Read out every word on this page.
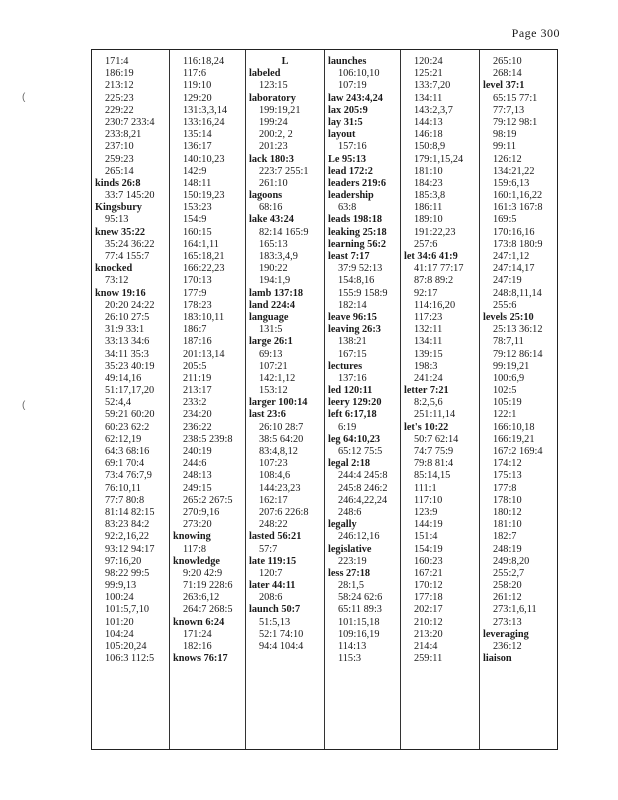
Page 300
(
(
171:4
186:19
213:12
225:23
229:22
230:7 233:4
233:8,21
237:10
259:23
265:14
kinds 26:8
33:7 145:20
Kingsbury
95:13
knew 35:22
35:24 36:22
77:4 155:7
knocked
73:12
know 19:16
20:20 24:22
26:10 27:5
31:9 33:1
33:13 34:6
34:11 35:3
35:23 40:19
49:14,16
51:17,17,20
52:4,4
59:21 60:20
60:23 62:2
62:12,19
64:3 68:16
69:1 70:4
73:4 76:7,9
76:10,11
77:7 80:8
81:14 82:15
83:23 84:2
92:2,16,22
93:12 94:17
97:16,20
98:22 99:5
99:9,13
100:24
101:5,7,10
101:20
104:24
105:20,24
106:3 112:5
116:18,24
117:6
119:10
129:20
131:3,3,14
133:16,24
135:14
136:17
140:10,23
142:9
148:11
150:19,23
153:23
154:9
160:15
164:1,11
165:18,21
166:22,23
170:13
177:9
178:23
183:10,11
186:7
187:16
201:13,14
205:5
211:19
213:17
233:2
234:20
236:22
238:5 239:8
240:19
244:6
248:13
249:15
265:2 267:5
270:9,16
273:20
knowing
117:8
knowledge
9:20 42:9
71:19 228:6
263:6,12
264:7 268:5
known 6:24
171:24
182:16
knows 76:17
L
labeled
123:15
laboratory
199:19,21
199:24
200:2, 2
201:23
lack 180:3
223:7 255:1
261:10
lagoons
68:16
lake 43:24
82:14 165:9
165:13
183:3,4,9
190:22
194:1,9
lamb 137:18
land 224:4
language
131:5
large 26:1
69:13
107:21
142:1,12
153:12
larger 100:14
last 23:6
26:10 28:7
38:5 64:20
83:4,8,12
107:23
108:4,6
144:23,23
162:17
207:6 226:8
248:22
lasted 56:21
57:7
late 119:15
120:7
later 44:11
208:6
launch 50:7
51:5,13
52:1 74:10
94:4 104:4
launches
106:10,10
107:19
law 243:4,24
lax 205:9
lay 31:5
layout
157:16
Le 95:13
lead 172:2
leaders 219:6
leadership
63:8
leads 198:18
leaking 25:18
learning 56:2
least 7:17
37:9 52:13
154:8,16
155:9 158:9
182:14
leave 96:15
leaving 26:3
138:21
167:15
lectures
137:16
led 120:11
leery 129:20
left 6:17,18
6:19
leg 64:10,23
65:12 75:5
legal 2:18
244:4 245:8
245:8 246:2
246:4,22,24
248:6
legally
246:12,16
legislative
223:19
less 27:18
28:1,5
58:24 62:6
65:11 89:3
101:15,18
109:16,19
114:13
115:3
120:24
125:21
133:7,20
134:11
143:2,3,7
144:13
146:18
150:8,9
179:1,15,24
181:10
184:23
185:3,8
186:11
189:10
191:22,23
257:6
let 34:6 41:9
41:17 77:17
87:8 89:2
92:17
114:16,20
117:23
132:11
134:11
139:15
198:3
241:24
letter 7:21
8:2,5,6
251:11,14
let's 10:22
50:7 62:14
74:7 75:9
79:8 81:4
85:14,15
111:1
117:10
123:9
144:19
151:4
154:19
160:23
167:21
170:12
177:18
202:17
210:12
213:20
214:4
259:11
265:10
268:14
level 37:1
65:15 77:1
77:7,13
79:12 98:1
98:19
99:11
126:12
134:21,22
159:6,13
160:1,16,22
161:3 167:8
169:5
170:16,16
173:8 180:9
247:1,12
247:14,17
247:19
248:8,11,14
255:6
levels 25:10
25:13 36:12
78:7,11
79:12 86:14
99:19,21
100:6,9
102:5
105:19
122:1
166:10,18
166:19,21
167:2 169:4
174:12
175:13
177:8
178:10
180:12
181:10
182:7
248:19
249:8,20
255:2,7
258:20
261:12
273:1,6,11
273:13
leveraging
236:12
liaison
